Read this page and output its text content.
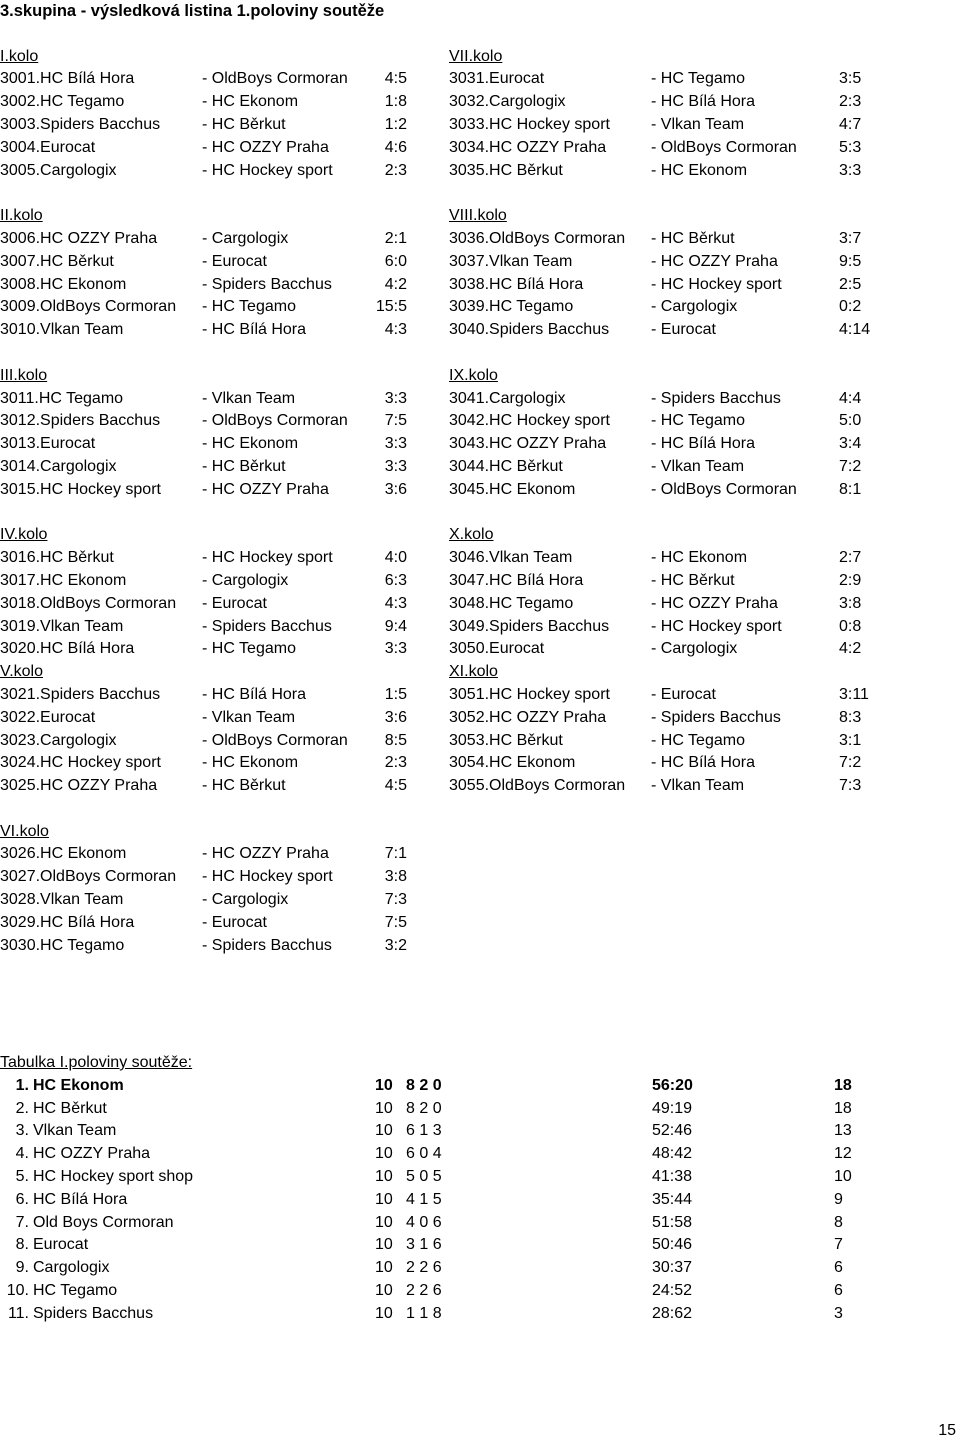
3.skupina - výsledková listina 1.poloviny soutěže
I.kolo
3001.HC Bílá Hora	- OldBoys Cormoran	4:5
3002.HC Tegamo	- HC Ekonom	1:8
3003.Spiders Bacchus	- HC Běrkut	1:2
3004.Eurocat	- HC OZZY Praha	4:6
3005.Cargologix	- HC Hockey sport	2:3
II.kolo
3006.HC OZZY Praha	- Cargologix	2:1
3007.HC Běrkut	- Eurocat	6:0
3008.HC Ekonom	- Spiders Bacchus	4:2
3009.OldBoys Cormoran - HC Tegamo	15:5
3010.Vlkan Team	- HC Bílá Hora	4:3
III.kolo
3011.HC Tegamo	- Vlkan Team	3:3
3012.Spiders Bacchus	- OldBoys Cormoran	7:5
3013.Eurocat	- HC Ekonom	3:3
3014.Cargologix	- HC Běrkut	3:3
3015.HC Hockey sport	- HC OZZY Praha	3:6
IV.kolo
3016.HC Běrkut	- HC Hockey sport	4:0
3017.HC Ekonom	- Cargologix	6:3
3018.OldBoys Cormoran - Eurocat	4:3
3019.Vlkan Team	- Spiders Bacchus	9:4
3020.HC Bílá Hora	- HC Tegamo	3:3
V.kolo
3021.Spiders Bacchus	- HC Bílá Hora	1:5
3022.Eurocat	- Vlkan Team	3:6
3023.Cargologix	- OldBoys Cormoran	8:5
3024.HC Hockey sport	- HC Ekonom	2:3
3025.HC OZZY Praha	- HC Běrkut	4:5
VI.kolo
3026.HC Ekonom	- HC OZZY Praha	7:1
3027.OldBoys Cormoran - HC Hockey sport	3:8
3028.Vlkan Team	- Cargologix	7:3
3029.HC Bílá Hora	- Eurocat	7:5
3030.HC Tegamo	- Spiders Bacchus	3:2
VII.kolo
3031.Eurocat	- HC Tegamo	3:5
3032.Cargologix	- HC Bílá Hora	2:3
3033.HC Hockey sport	- Vlkan Team	4:7
3034.HC OZZY Praha	- OldBoys Cormoran	5:3
3035.HC Běrkut	- HC Ekonom	3:3
VIII.kolo
3036.OldBoys Cormoran - HC Běrkut	3:7
3037.Vlkan Team	- HC OZZY Praha	9:5
3038.HC Bílá Hora	- HC Hockey sport	2:5
3039.HC Tegamo	- Cargologix	0:2
3040.Spiders Bacchus	- Eurocat	4:14
IX.kolo
3041.Cargologix	- Spiders Bacchus	4:4
3042.HC Hockey sport	- HC Tegamo	5:0
3043.HC OZZY Praha	- HC Bílá Hora	3:4
3044.HC Běrkut	- Vlkan Team	7:2
3045.HC Ekonom	- OldBoys Cormoran	8:1
X.kolo
3046.Vlkan Team	- HC Ekonom	2:7
3047.HC Bílá Hora	- HC Běrkut	2:9
3048.HC Tegamo	- HC OZZY Praha	3:8
3049.Spiders Bacchus	- HC Hockey sport	0:8
3050.Eurocat	- Cargologix	4:2
XI.kolo
3051.HC Hockey sport	- Eurocat	3:11
3052.HC OZZY Praha	- Spiders Bacchus	8:3
3053.HC Běrkut	- HC Tegamo	3:1
3054.HC Ekonom	- HC Bílá Hora	7:2
3055.OldBoys Cormoran - Vlkan Team	7:3
Tabulka I.poloviny soutěže:
1. HC Ekonom	10 8 2 0	56:20	18
2. HC Běrkut	10 8 2 0	49:19	18
3. Vlkan Team	10 6 1 3	52:46	13
4. HC OZZY Praha	10 6 0 4	48:42	12
5. HC Hockey sport shop	10 5 0 5	41:38	10
6. HC Bílá Hora	10 4 1 5	35:44	9
7. Old Boys Cormoran	10 4 0 6	51:58	8
8. Eurocat	10 3 1 6	50:46	7
9. Cargologix	10 2 2 6	30:37	6
10. HC Tegamo	10 2 2 6	24:52	6
11. Spiders Bacchus	10 1 1 8	28:62	3
15
